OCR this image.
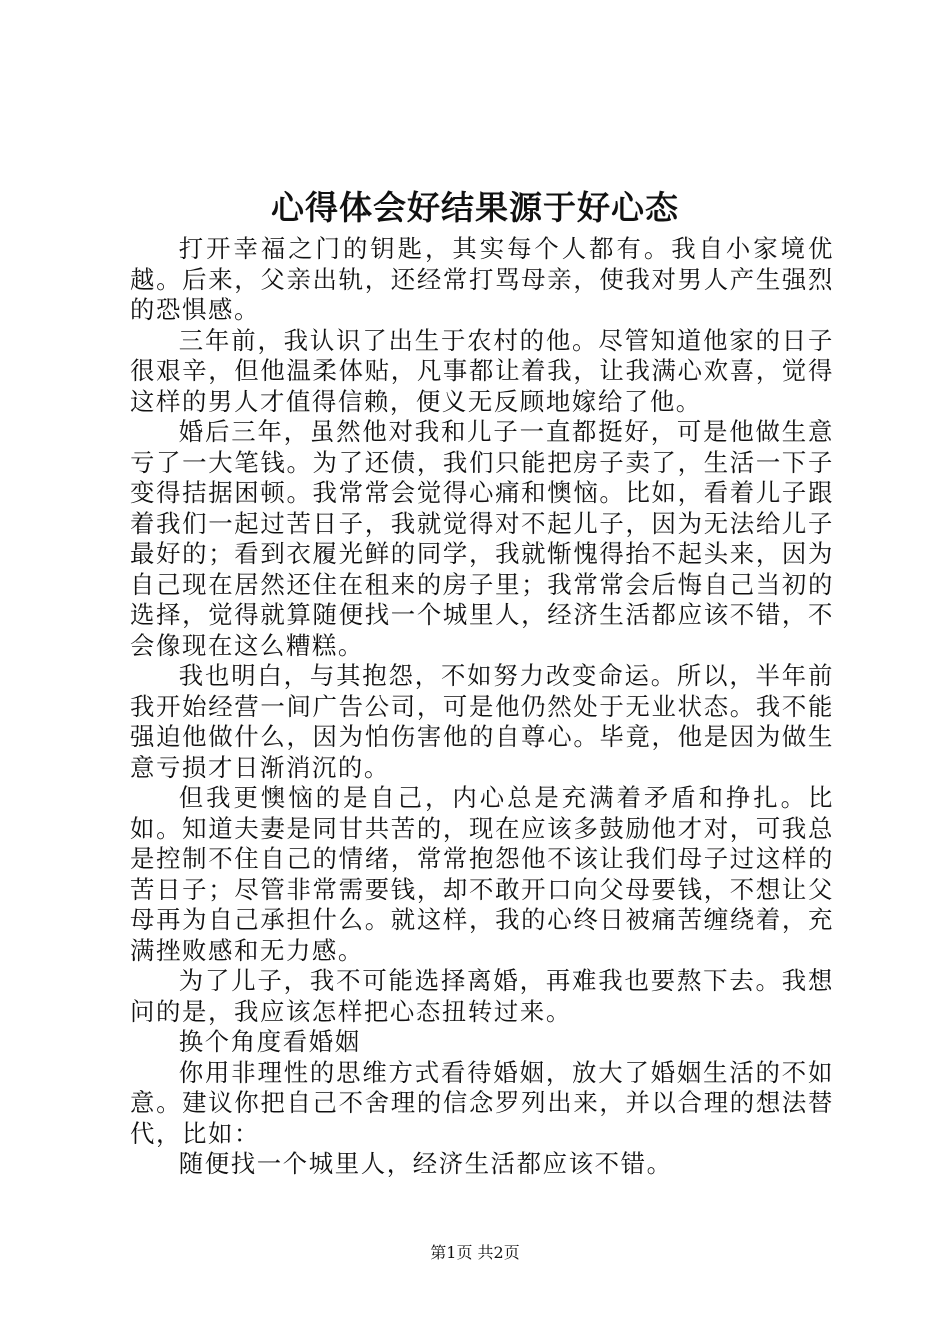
心得体会好结果源于好心态

打开幸福之门的钥匙，其实每个人都有。我自小家境优越。后来，父亲出轨，还经常打骂母亲，使我对男人产生强烈的恐惧感。

三年前，我认识了出生于农村的他。尽管知道他家的日子很艰辛，但他温柔体贴，凡事都让着我，让我满心欢喜，觉得这样的男人才值得信赖，便义无反顾地嫁给了他。

婚后三年，虽然他对我和儿子一直都挺好，可是他做生意亏了一大笔钱。为了还债，我们只能把房子卖了，生活一下子变得拮据困顿。我常常会觉得心痛和懊恼。比如，看着儿子跟着我们一起过苦日子，我就觉得对不起儿子，因为无法给儿子最好的；看到衣履光鲜的同学，我就惭愧得抬不起头来，因为自己现在居然还住在租来的房子里；我常常会后悔自己当初的选择，觉得就算随便找一个城里人，经济生活都应该不错，不会像现在这么糟糕。

我也明白，与其抱怨，不如努力改变命运。所以，半年前我开始经营一间广告公司，可是他仍然处于无业状态。我不能强迫他做什么，因为怕伤害他的自尊心。毕竟，他是因为做生意亏损才日渐消沉的。

但我更懊恼的是自己，内心总是充满着矛盾和挣扎。比如。知道夫妻是同甘共苦的，现在应该多鼓励他才对，可我总是控制不住自己的情绪，常常抱怨他不该让我们母子过这样的苦日子；尽管非常需要钱，却不敢开口向父母要钱，不想让父母再为自己承担什么。就这样，我的心终日被痛苦缠绕着，充满挫败感和无力感。

为了儿子，我不可能选择离婚，再难我也要熬下去。我想问的是，我应该怎样把心态扭转过来。

换个角度看婚姻

你用非理性的思维方式看待婚姻，放大了婚姻生活的不如意。建议你把自己不舍理的信念罗列出来，并以合理的想法替代，比如：

随便找一个城里人，经济生活都应该不错。

第1页 共2页
